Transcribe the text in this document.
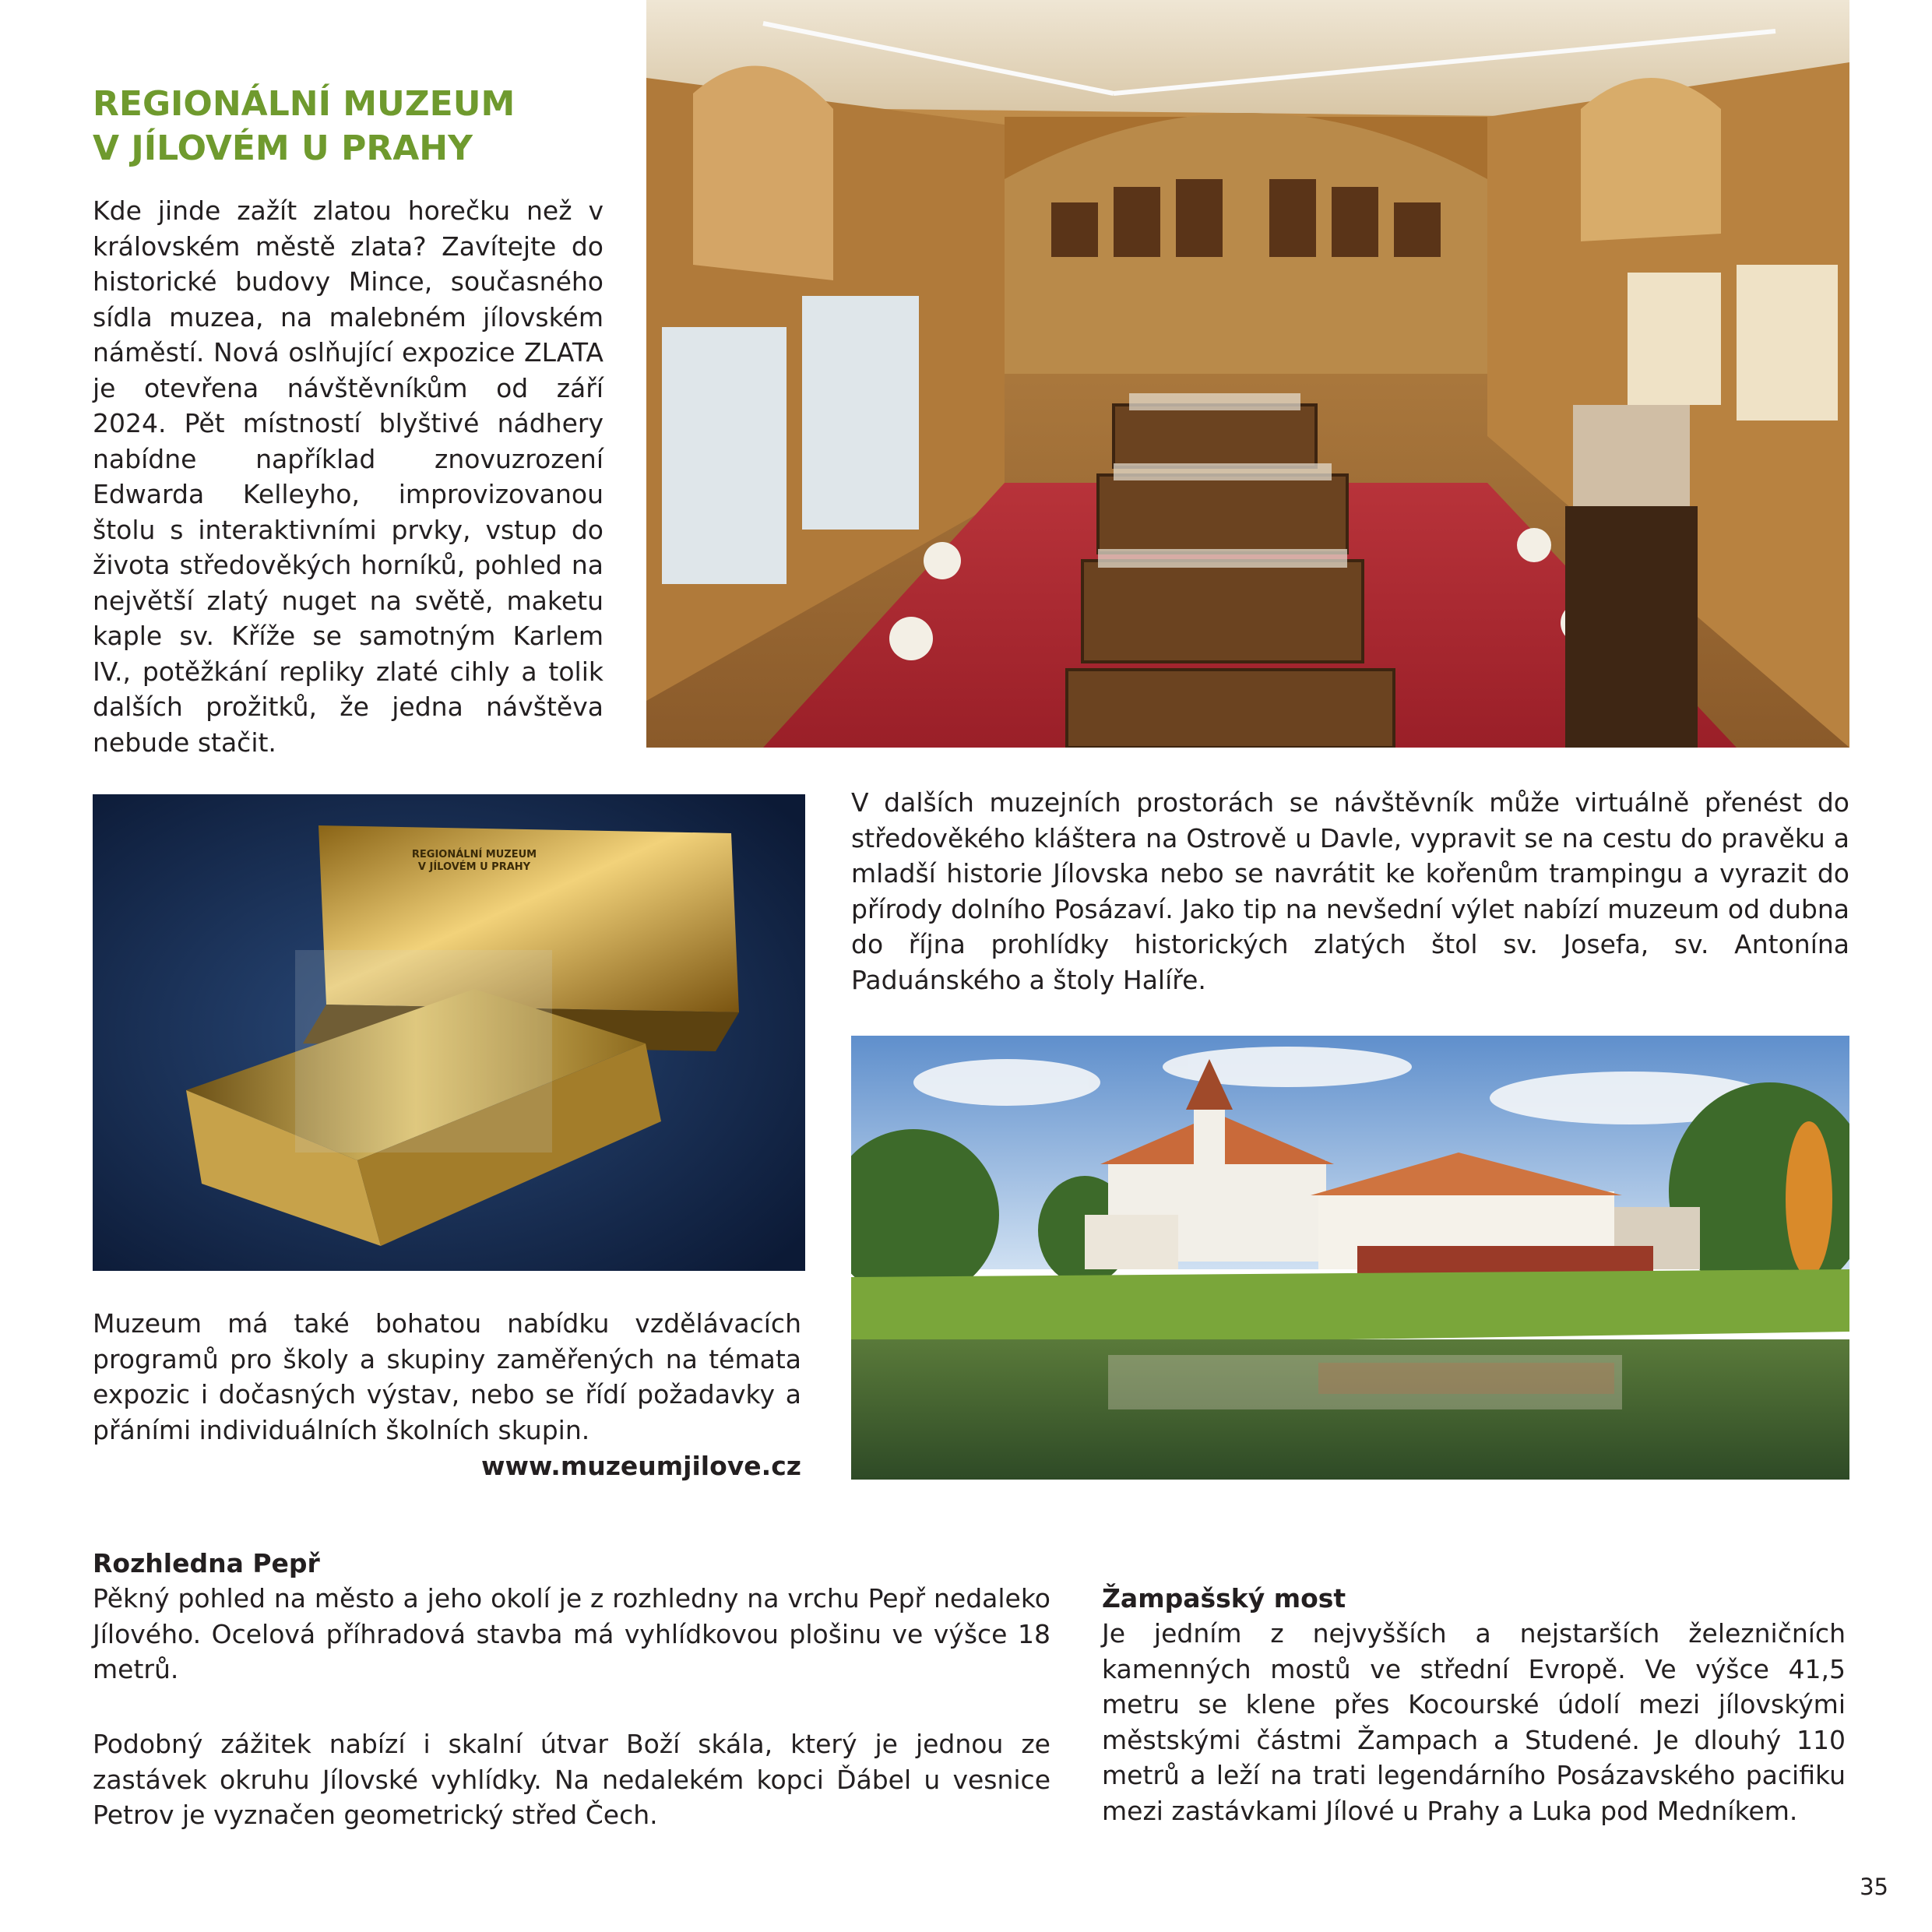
REGIONÁLNÍ MUZEUM
V JÍLOVÉM U PRAHY
Kde jinde zažít zlatou horečku než v královském městě zlata? Zavítejte do historické budovy Mince, současného sídla muzea, na malebném jílovském náměstí. Nová oslňující expozice ZLATA je otevřena návštěvníkům od září 2024. Pět místností blyštivé nádhery nabídne například znovuzrození Edwarda Kelleyho, improvizovanou štolu s interaktivními prvky, vstup do života středověkých horníků, pohled na největší zlatý nuget na světě, maketu kaple sv. Kříže se samotným Karlem IV., potěžkání repliky zlaté cihly a tolik dalších prožitků, že jedna návštěva nebude stačit.
REGIONÁLNÍ MUZEUM
V JÍLOVÉM U PRAHY
V dalších muzejních prostorách se návštěvník může virtuálně přenést do středověkého kláštera na Ostrově u Davle, vypravit se na cestu do pravěku a mladší historie Jílovska nebo se navrátit ke kořenům trampingu a vyrazit do přírody dolního Posázaví. Jako tip na nevšední výlet nabízí muzeum od dubna do října prohlídky historických zlatých štol sv. Josefa, sv. Antonína Paduánského a štoly Halíře.
Muzeum má také bohatou nabídku vzdělávacích programů pro školy a skupiny zaměřených na témata expozic i dočasných výstav, nebo se řídí požadavky a přáními individuálních školních skupin.
www.muzeumjilove.cz
Rozhledna Pepř
Pěkný pohled na město a jeho okolí je z rozhledny na vrchu Pepř nedaleko Jílového. Ocelová příhradová stavba má vyhlídkovou plošinu ve výšce 18 metrů.
Podobný zážitek nabízí i skalní útvar Boží skála, který je jednou ze zastávek okruhu Jílovské vyhlídky. Na nedalekém kopci Ďábel u vesnice Petrov je vyznačen geometrický střed Čech.
Žampašský most
Je jedním z nejvyšších a nejstarších železničních kamenných mostů ve střední Evropě. Ve výšce 41,5 metru se klene přes Kocourské údolí mezi jílovskými městskými částmi Žampach a Studené. Je dlouhý 110 metrů a leží na trati legendárního Posázavského pacifiku mezi zastávkami Jílové u Prahy a Luka pod Medníkem.
35
